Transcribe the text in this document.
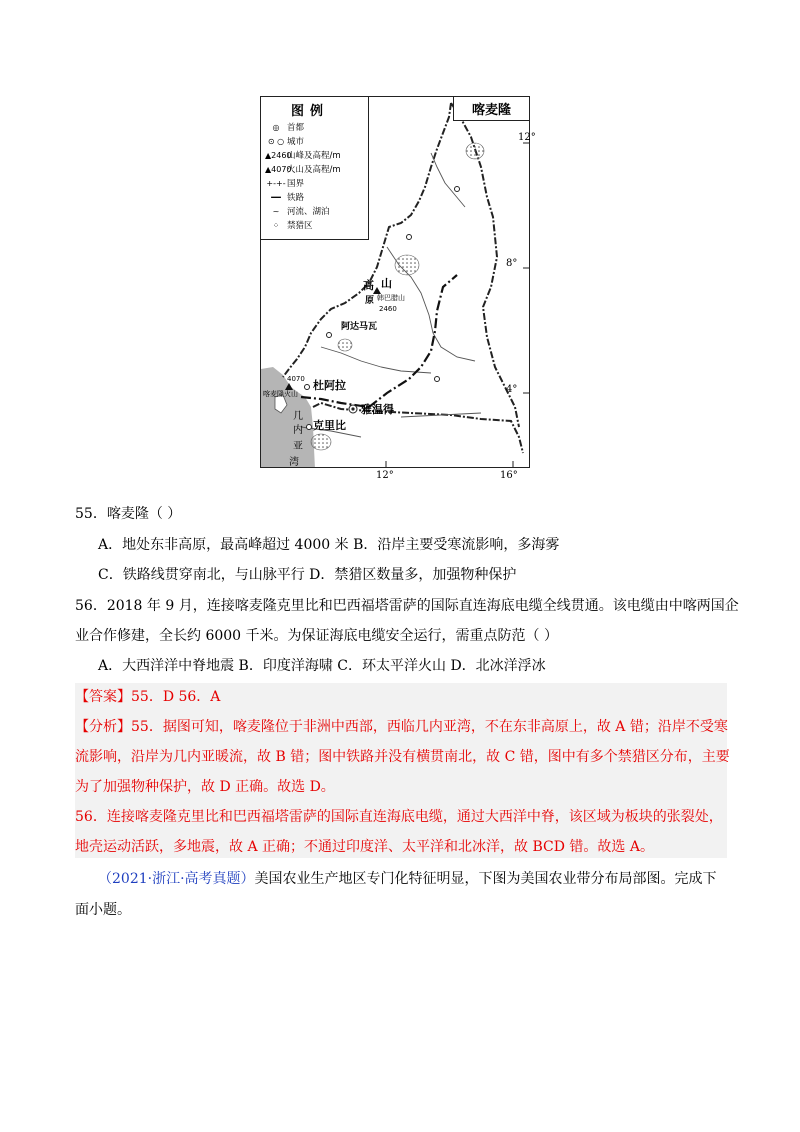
图例
◎ 首都
⊙ ○ 城市
▲2460
山峰及高程/m
▲4070
火山及高程/m
+-+- 国界
━━ 铁路
~ 河流、湖泊
⁘ 禁猎区
喀麦隆
高 山
原 韩巴腊山
2460
阿达马瓦
4070
喀麦隆火山
杜阿拉
雅温得
克里比
几
内
亚
湾
12°
8°
4°
12°	16°
55．喀麦隆（ ）
A．地处东非高原，最高峰超过 4000 米 B．沿岸主要受寒流影响，多海雾
C．铁路线贯穿南北，与山脉平行 D．禁猎区数量多，加强物种保护
56．2018 年 9 月，连接喀麦隆克里比和巴西福塔雷萨的国际直连海底电缆全线贯通。该电缆由中喀两国企
业合作修建，全长约 6000 千米。为保证海底电缆安全运行，需重点防范（ ）
A．大西洋洋中脊地震 B．印度洋海啸 C．环太平洋火山 D．北冰洋浮冰
【答案】55．D 56．A
【分析】55．据图可知，喀麦隆位于非洲中西部，西临几内亚湾，不在东非高原上，故 A 错；沿岸不受寒
流影响，沿岸为几内亚暖流，故 B 错；图中铁路并没有横贯南北，故 C 错，图中有多个禁猎区分布，主要
为了加强物种保护，故 D 正确。故选 D。
56．连接喀麦隆克里比和巴西福塔雷萨的国际直连海底电缆，通过大西洋中脊，该区域为板块的张裂处，
地壳运动活跃，多地震，故 A 正确；不通过印度洋、太平洋和北冰洋，故 BCD 错。故选 A。
（2021·浙江·高考真题）美国农业生产地区专门化特征明显，下图为美国农业带分布局部图。完成下
面小题。
